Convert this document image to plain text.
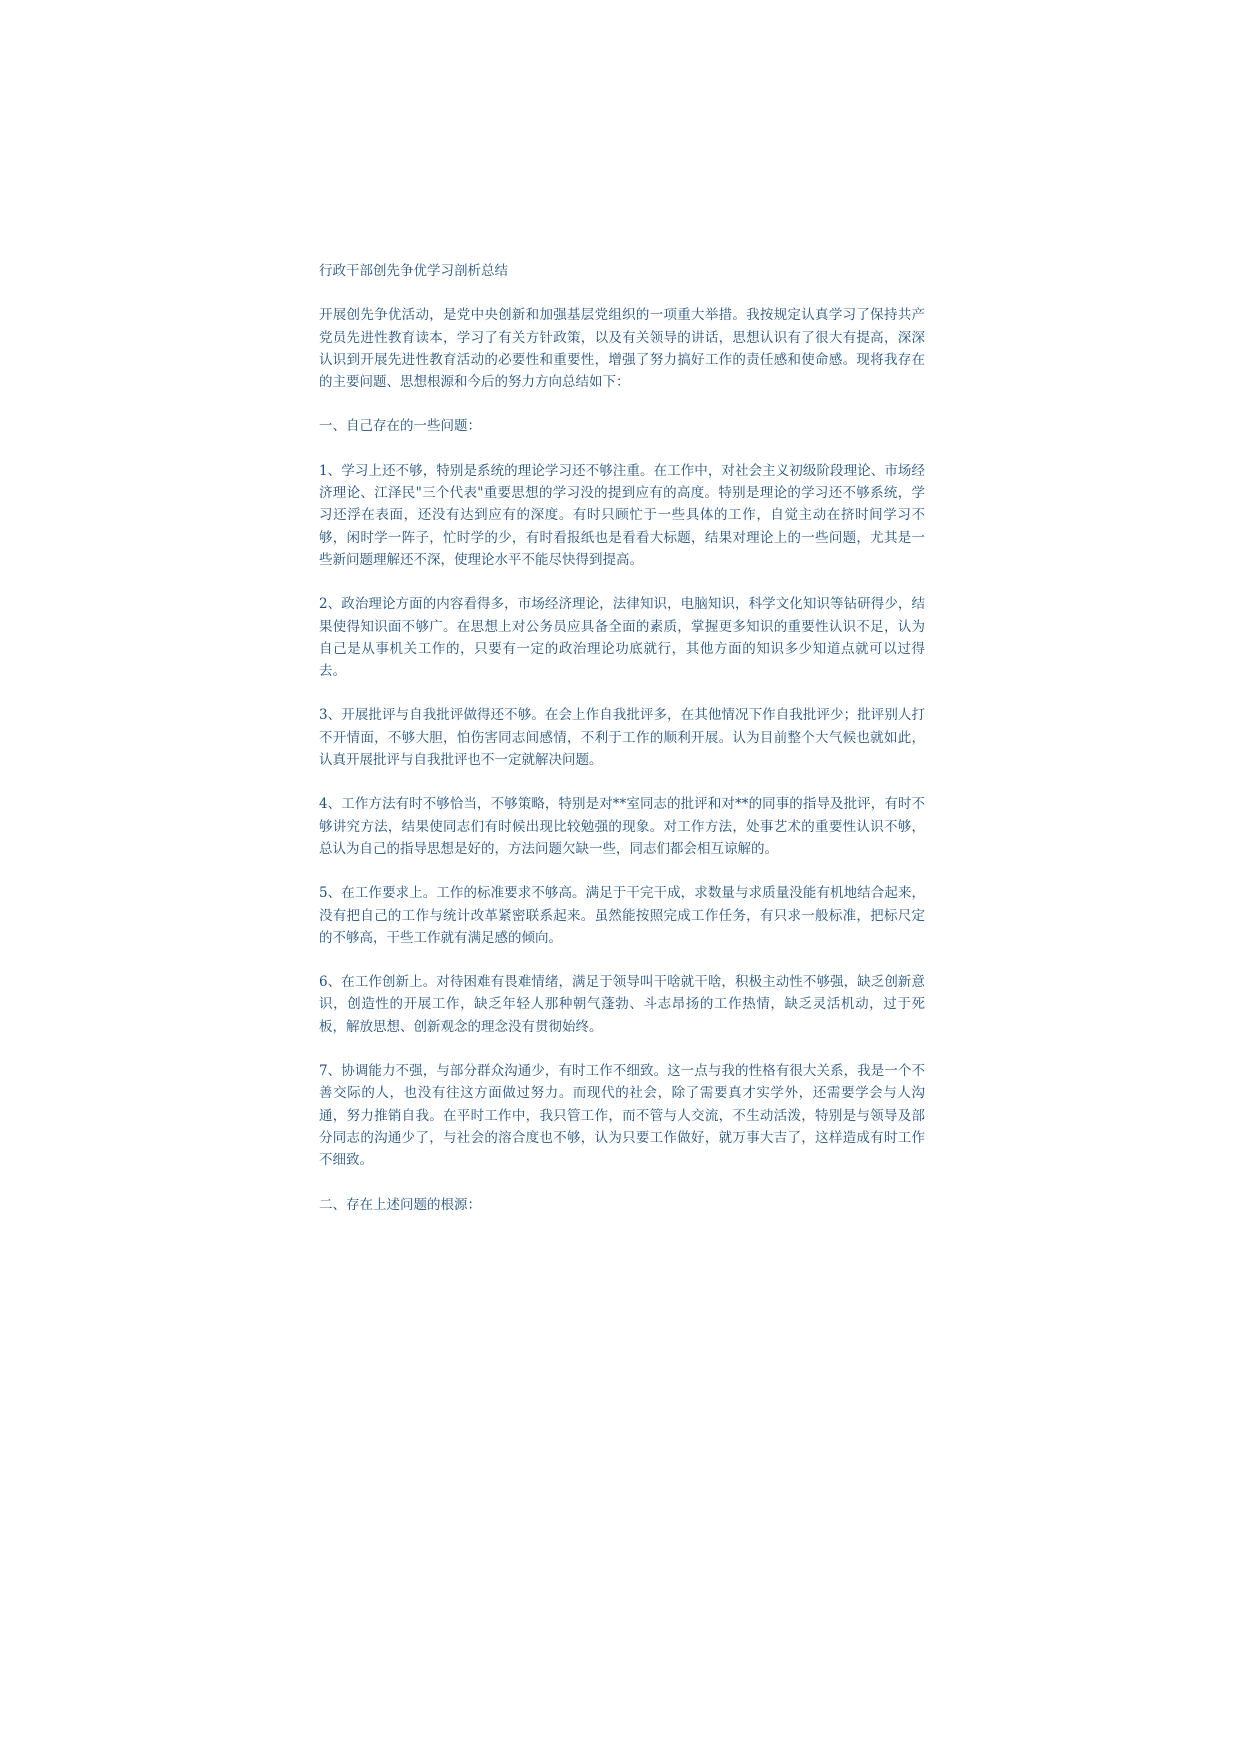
行政干部创先争优学习剖析总结

开展创先争优活动，是党中央创新和加强基层党组织的一项重大举措。我按规定认真学习了保持共产党员先进性教育读本，学习了有关方针政策，以及有关领导的讲话，思想认识有了很大有提高，深深认识到开展先进性教育活动的必要性和重要性，增强了努力搞好工作的责任感和使命感。现将我存在的主要问题、思想根源和今后的努力方向总结如下：

一、自己存在的一些问题：

1、学习上还不够，特别是系统的理论学习还不够注重。在工作中，对社会主义初级阶段理论、市场经济理论、江泽民"三个代表"重要思想的学习没的提到应有的高度。特别是理论的学习还不够系统，学习还浮在表面，还没有达到应有的深度。有时只顾忙于一些具体的工作，自觉主动在挤时间学习不够，闲时学一阵子，忙时学的少，有时看报纸也是看看大标题，结果对理论上的一些问题，尤其是一些新问题理解还不深，使理论水平不能尽快得到提高。

2、政治理论方面的内容看得多，市场经济理论，法律知识，电脑知识，科学文化知识等钻研得少，结果使得知识面不够广。在思想上对公务员应具备全面的素质，掌握更多知识的重要性认识不足，认为自己是从事机关工作的，只要有一定的政治理论功底就行，其他方面的知识多少知道点就可以过得去。

3、开展批评与自我批评做得还不够。在会上作自我批评多，在其他情况下作自我批评少；批评别人打不开情面，不够大胆，怕伤害同志间感情，不利于工作的顺利开展。认为目前整个大气候也就如此，认真开展批评与自我批评也不一定就解决问题。

4、工作方法有时不够恰当，不够策略，特别是对**室同志的批评和对**的同事的指导及批评，有时不够讲究方法，结果使同志们有时候出现比较勉强的现象。对工作方法，处事艺术的重要性认识不够，总认为自己的指导思想是好的，方法问题欠缺一些，同志们都会相互谅解的。

5、在工作要求上。工作的标准要求不够高。满足于干完干成，求数量与求质量没能有机地结合起来，没有把自己的工作与统计改革紧密联系起来。虽然能按照完成工作任务，有只求一般标准，把标尺定的不够高，干些工作就有满足感的倾向。

6、在工作创新上。对待困难有畏难情绪，满足于领导叫干啥就干啥，积极主动性不够强，缺乏创新意识，创造性的开展工作，缺乏年轻人那种朝气蓬勃、斗志昂扬的工作热情，缺乏灵活机动，过于死板，解放思想、创新观念的理念没有贯彻始终。

7、协调能力不强，与部分群众沟通少，有时工作不细致。这一点与我的性格有很大关系，我是一个不善交际的人，也没有往这方面做过努力。而现代的社会，除了需要真才实学外，还需要学会与人沟通，努力推销自我。在平时工作中，我只管工作，而不管与人交流，不生动活泼，特别是与领导及部分同志的沟通少了，与社会的溶合度也不够，认为只要工作做好，就万事大吉了，这样造成有时工作不细致。

二、存在上述问题的根源：
